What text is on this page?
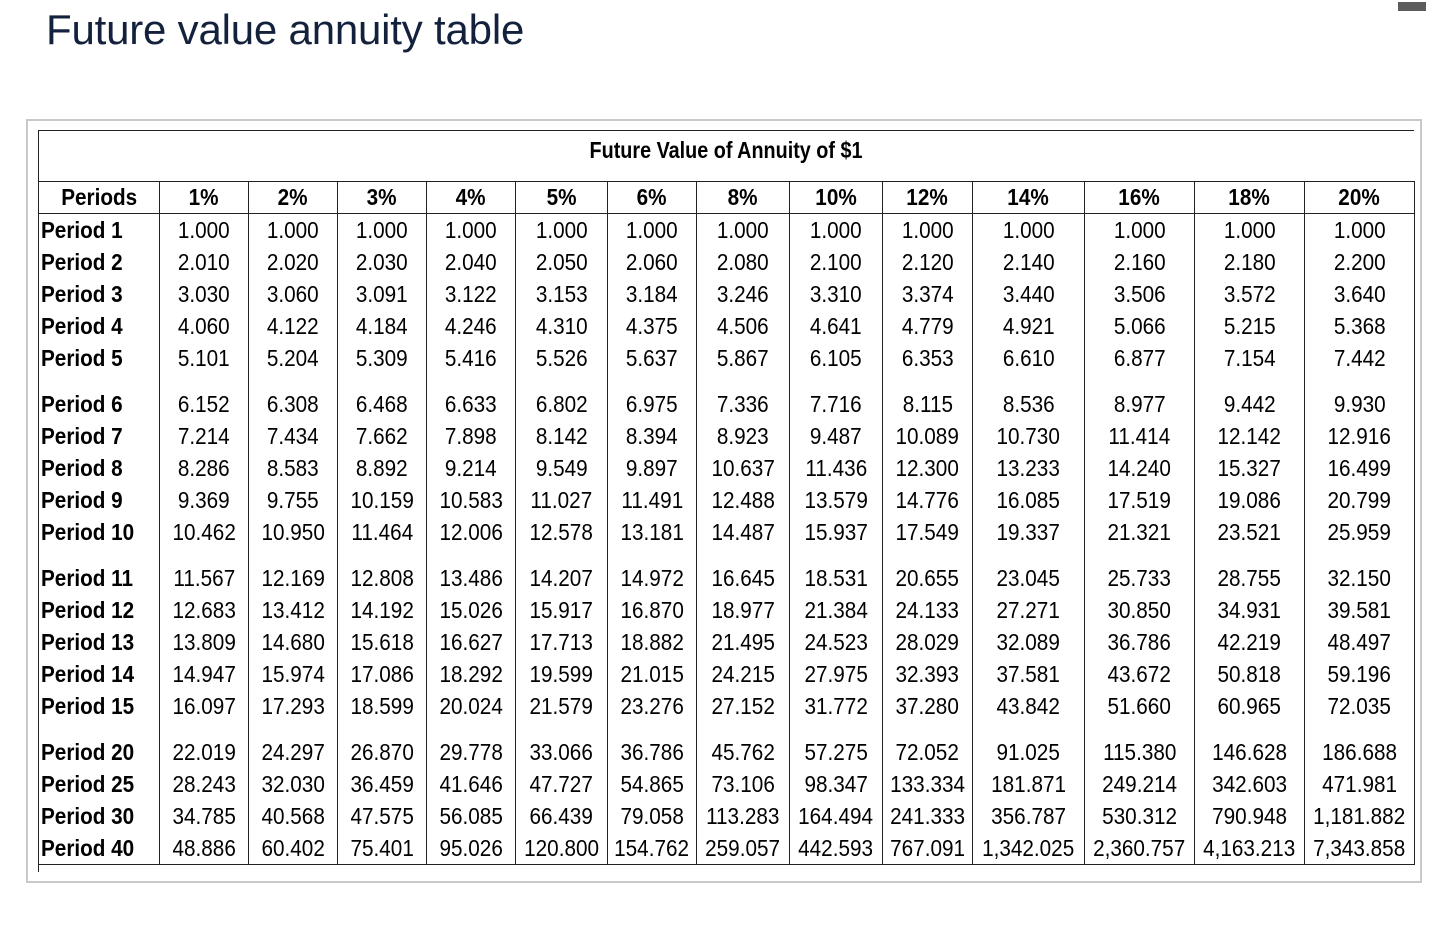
Future value annuity table
Future Value of Annuity of $1
Periods	1%	2%	3%	4%	5%	6%	8%	10%	12%	14%	16%	18%	20%
Period 1	1.000	1.000	1.000	1.000	1.000	1.000	1.000	1.000	1.000	1.000	1.000	1.000	1.000
Period 2	2.010	2.020	2.030	2.040	2.050	2.060	2.080	2.100	2.120	2.140	2.160	2.180	2.200
Period 3	3.030	3.060	3.091	3.122	3.153	3.184	3.246	3.310	3.374	3.440	3.506	3.572	3.640
Period 4	4.060	4.122	4.184	4.246	4.310	4.375	4.506	4.641	4.779	4.921	5.066	5.215	5.368
Period 5	5.101	5.204	5.309	5.416	5.526	5.637	5.867	6.105	6.353	6.610	6.877	7.154	7.442
Period 6	6.152	6.308	6.468	6.633	6.802	6.975	7.336	7.716	8.115	8.536	8.977	9.442	9.930
Period 7	7.214	7.434	7.662	7.898	8.142	8.394	8.923	9.487	10.089	10.730	11.414	12.142	12.916
Period 8	8.286	8.583	8.892	9.214	9.549	9.897	10.637	11.436	12.300	13.233	14.240	15.327	16.499
Period 9	9.369	9.755	10.159	10.583	11.027	11.491	12.488	13.579	14.776	16.085	17.519	19.086	20.799
Period 10	10.462	10.950	11.464	12.006	12.578	13.181	14.487	15.937	17.549	19.337	21.321	23.521	25.959
Period 11	11.567	12.169	12.808	13.486	14.207	14.972	16.645	18.531	20.655	23.045	25.733	28.755	32.150
Period 12	12.683	13.412	14.192	15.026	15.917	16.870	18.977	21.384	24.133	27.271	30.850	34.931	39.581
Period 13	13.809	14.680	15.618	16.627	17.713	18.882	21.495	24.523	28.029	32.089	36.786	42.219	48.497
Period 14	14.947	15.974	17.086	18.292	19.599	21.015	24.215	27.975	32.393	37.581	43.672	50.818	59.196
Period 15	16.097	17.293	18.599	20.024	21.579	23.276	27.152	31.772	37.280	43.842	51.660	60.965	72.035
Period 20	22.019	24.297	26.870	29.778	33.066	36.786	45.762	57.275	72.052	91.025	115.380	146.628	186.688
Period 25	28.243	32.030	36.459	41.646	47.727	54.865	73.106	98.347	133.334	181.871	249.214	342.603	471.981
Period 30	34.785	40.568	47.575	56.085	66.439	79.058	113.283	164.494	241.333	356.787	530.312	790.948	1,181.882
Period 40	48.886	60.402	75.401	95.026	120.800	154.762	259.057	442.593	767.091	1,342.025	2,360.757	4,163.213	7,343.858
